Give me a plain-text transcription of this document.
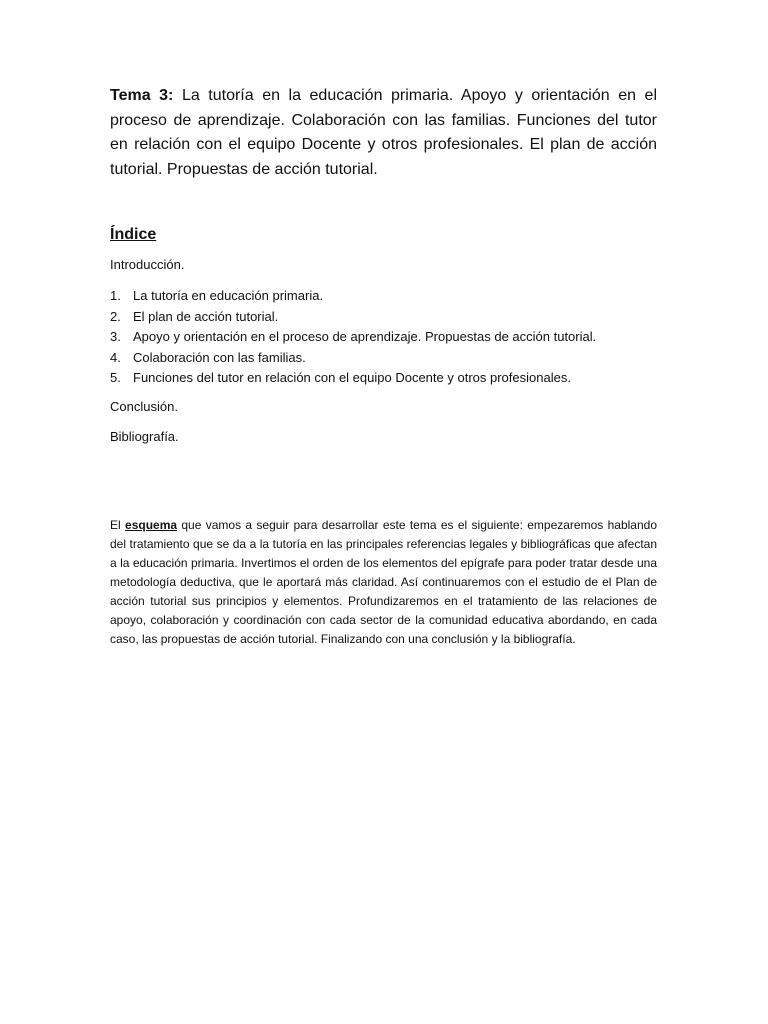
Tema 3: La tutoría en la educación primaria. Apoyo y orientación en el proceso de aprendizaje. Colaboración con las familias. Funciones del tutor en relación con el equipo Docente y otros profesionales. El plan de acción tutorial. Propuestas de acción tutorial.

Índice
Introducción.
1. La tutoría en educación primaria.
2. El plan de acción tutorial.
3. Apoyo y orientación en el proceso de aprendizaje. Propuestas de acción tutorial.
4. Colaboración con las familias.
5. Funciones del tutor en relación con el equipo Docente y otros profesionales.
Conclusión.
Bibliografía.

El esquema que vamos a seguir para desarrollar este tema es el siguiente: empezaremos hablando del tratamiento que se da a la tutoría en las principales referencias legales y bibliográficas que afectan a la educación primaria. Invertimos el orden de los elementos del epígrafe para poder tratar desde una metodología deductiva, que le aportará más claridad. Así continuaremos con el estudio de el Plan de acción tutorial sus principios y elementos. Profundizaremos en el tratamiento de las relaciones de apoyo, colaboración y coordinación con cada sector de la comunidad educativa abordando, en cada caso, las propuestas de acción tutorial. Finalizando con una conclusión y la bibliografía.
